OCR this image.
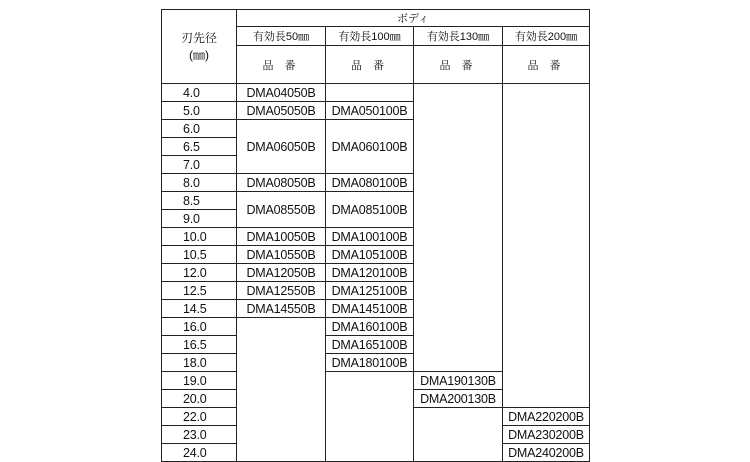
刃先径
(㎜)	ボディ			
	有効長50㎜	有効長100㎜	有効長130㎜	有効長200㎜
	品 番	品 番	品 番	品 番
4.0	DMA04050B			
5.0	DMA05050B	DMA050100B		
6.0	DMA06050B	DMA060100B		
6.5				
7.0				
8.0	DMA08050B	DMA080100B		
8.5	DMA08550B	DMA085100B		
9.0				
10.0	DMA10050B	DMA100100B		
10.5	DMA10550B	DMA105100B		
12.0	DMA12050B	DMA120100B		
12.5	DMA12550B	DMA125100B		
14.5	DMA14550B	DMA145100B		
16.0		DMA160100B		
16.5		DMA165100B		
18.0		DMA180100B		
19.0			DMA190130B	
20.0			DMA200130B	
22.0				DMA220200B
23.0				DMA230200B
24.0				DMA240200B
